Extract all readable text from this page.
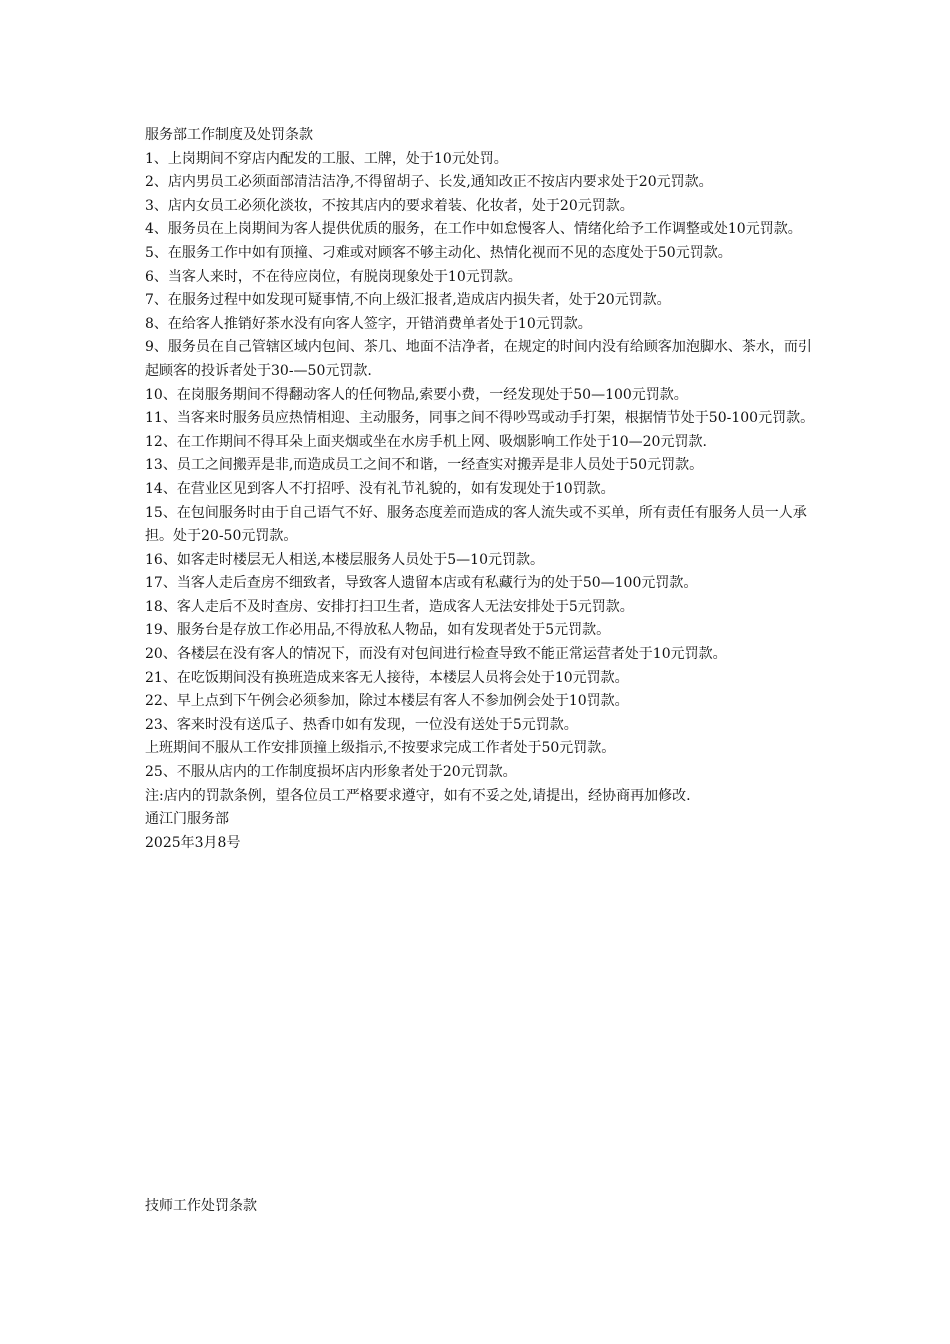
服务部工作制度及处罚条款

1、上岗期间不穿店内配发的工服、工牌，处于10元处罚。

2、店内男员工必须面部清洁洁净,不得留胡子、长发,通知改正不按店内要求处于20元罚款。

3、店内女员工必须化淡妆，不按其店内的要求着装、化妆者，处于20元罚款。

4、服务员在上岗期间为客人提供优质的服务，在工作中如怠慢客人、情绪化给予工作调整或处10元罚款。

5、在服务工作中如有顶撞、刁难或对顾客不够主动化、热情化视而不见的态度处于50元罚款。

6、当客人来时，不在待应岗位，有脱岗现象处于10元罚款。

7、在服务过程中如发现可疑事情,不向上级汇报者,造成店内损失者，处于20元罚款。

8、在给客人推销好茶水没有向客人签字，开错消费单者处于10元罚款。

9、服务员在自己管辖区域内包间、茶几、地面不洁净者，在规定的时间内没有给顾客加泡脚水、茶水，而引起顾客的投诉者处于30-—50元罚款.

10、在岗服务期间不得翻动客人的任何物品,索要小费，一经发现处于50—100元罚款。

11、当客来时服务员应热情相迎、主动服务，同事之间不得吵骂或动手打架，根据情节处于50-100元罚款。

12、在工作期间不得耳朵上面夹烟或坐在水房手机上网、吸烟影响工作处于10—20元罚款.

13、员工之间搬弄是非,而造成员工之间不和谐，一经查实对搬弄是非人员处于50元罚款。

14、在营业区见到客人不打招呼、没有礼节礼貌的，如有发现处于10罚款。

15、在包间服务时由于自己语气不好、服务态度差而造成的客人流失或不买单，所有责任有服务人员一人承担。处于20-50元罚款。

16、如客走时楼层无人相送,本楼层服务人员处于5—10元罚款。

17、当客人走后查房不细致者，导致客人遗留本店或有私藏行为的处于50—100元罚款。

18、客人走后不及时查房、安排打扫卫生者，造成客人无法安排处于5元罚款。

19、服务台是存放工作必用品,不得放私人物品，如有发现者处于5元罚款。

20、各楼层在没有客人的情况下，而没有对包间进行检查导致不能正常运营者处于10元罚款。

21、在吃饭期间没有换班造成来客无人接待，本楼层人员将会处于10元罚款。

22、早上点到下午例会必须参加，除过本楼层有客人不参加例会处于10罚款。

23、客来时没有送瓜子、热香巾如有发现，一位没有送处于5元罚款。

上班期间不服从工作安排顶撞上级指示,不按要求完成工作者处于50元罚款。

25、不服从店内的工作制度损坏店内形象者处于20元罚款。

注:店内的罚款条例，望各位员工严格要求遵守，如有不妥之处,请提出，经协商再加修改.

通江门服务部

2025年3月8号

技师工作处罚条款
